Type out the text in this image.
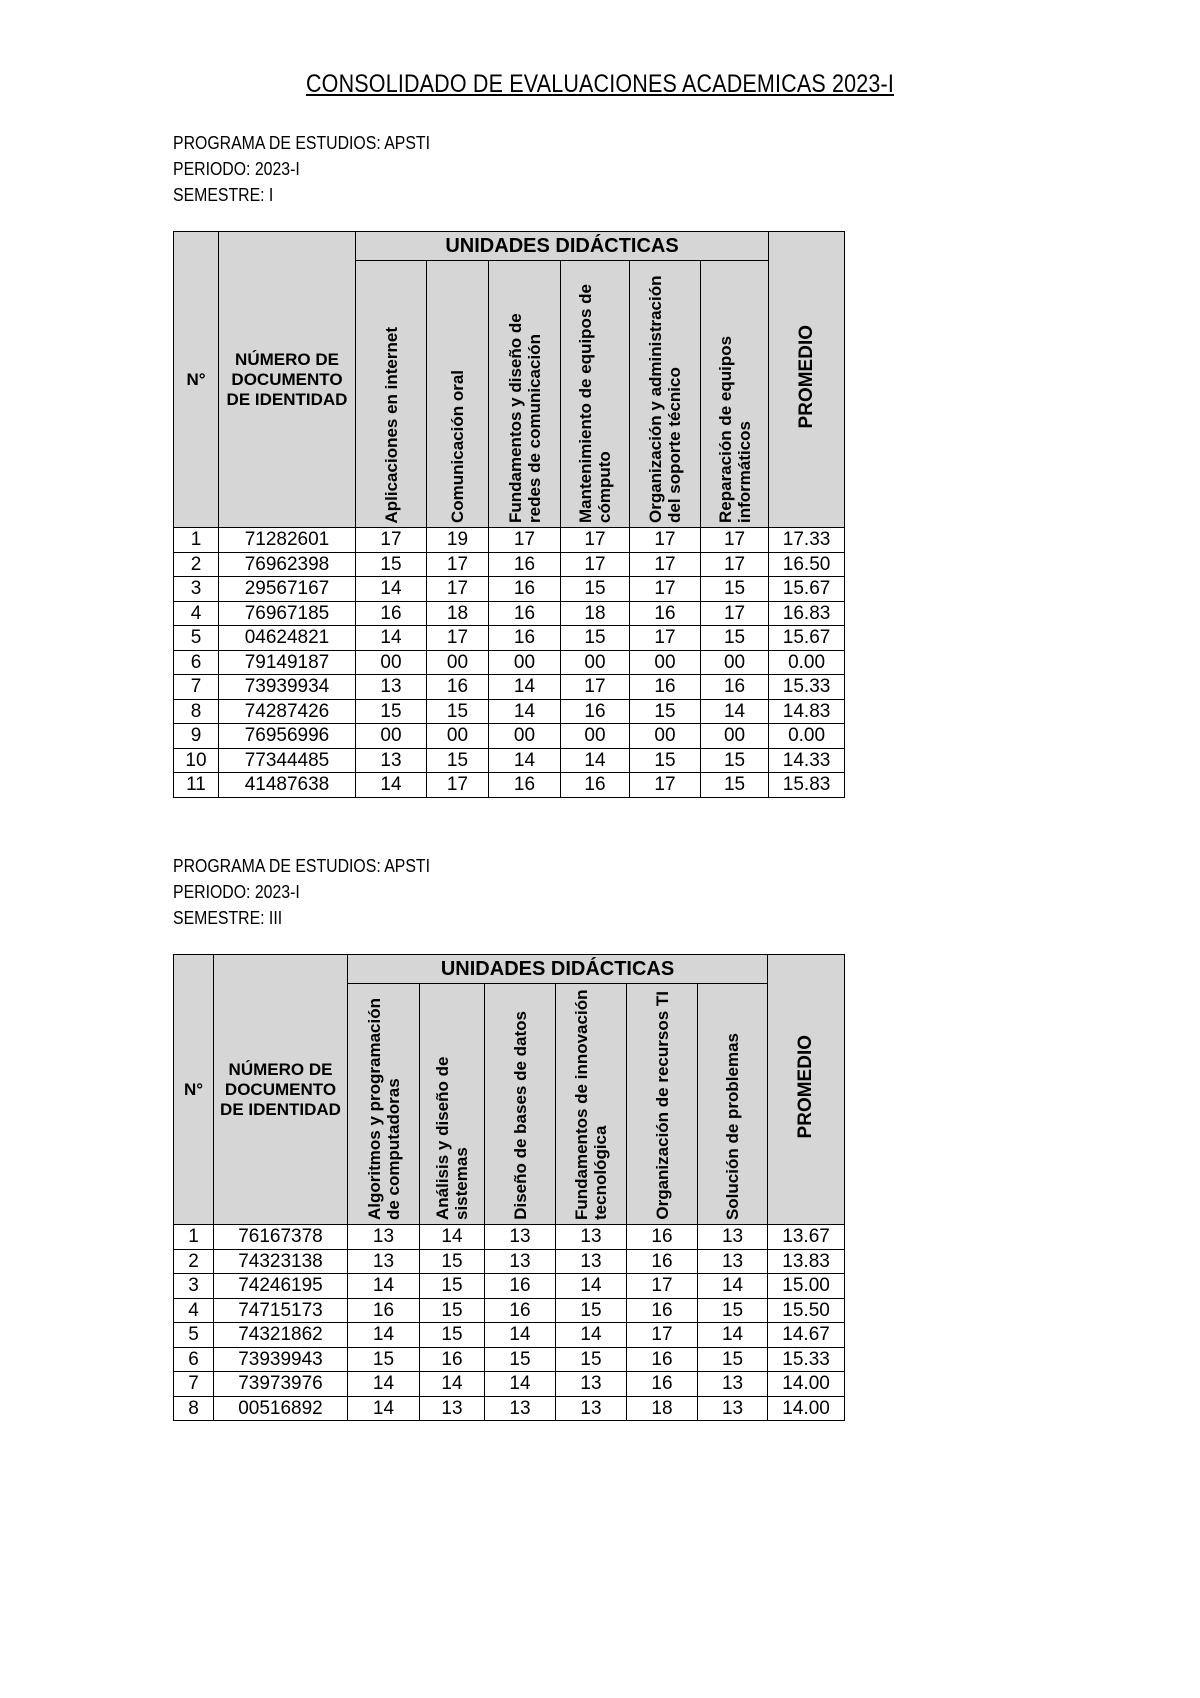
CONSOLIDADO DE EVALUACIONES ACADEMICAS 2023-I
PROGRAMA DE ESTUDIOS: APSTI
PERIODO: 2023-I
SEMESTRE: I
N°	NÚMERO DE DOCUMENTO DE IDENTIDAD	UNIDADES DIDÁCTICAS						PROMEDIO

		Aplicaciones en internet	Comunicación oral	Fundamentos y diseño de redes de comunicación	Mantenimiento de equipos de cómputo	Organización y administración del soporte técnico	Reparación de equipos informáticos	

1	71282601	17	19	17	17	17	17	17.33
2	76962398	15	17	16	17	17	17	16.50
3	29567167	14	17	16	15	17	15	15.67
4	76967185	16	18	16	18	16	17	16.83
5	04624821	14	17	16	15	17	15	15.67
6	79149187	00	00	00	00	00	00	0.00
7	73939934	13	16	14	17	16	16	15.33
8	74287426	15	15	14	16	15	14	14.83
9	76956996	00	00	00	00	00	00	0.00
10	77344485	13	15	14	14	15	15	14.33
11	41487638	14	17	16	16	17	15	15.83
PROGRAMA DE ESTUDIOS: APSTI
PERIODO: 2023-I
SEMESTRE: III
N°	NÚMERO DE DOCUMENTO DE IDENTIDAD	UNIDADES DIDÁCTICAS						PROMEDIO

		Algoritmos y programación de computadoras	Análisis y diseño de sistemas	Diseño de bases de datos	Fundamentos de innovación tecnológica	Organización de recursos TI	Solución de problemas	

1	76167378	13	14	13	13	16	13	13.67
2	74323138	13	15	13	13	16	13	13.83
3	74246195	14	15	16	14	17	14	15.00
4	74715173	16	15	16	15	16	15	15.50
5	74321862	14	15	14	14	17	14	14.67
6	73939943	15	16	15	15	16	15	15.33
7	73973976	14	14	14	13	16	13	14.00
8	00516892	14	13	13	13	18	13	14.00
